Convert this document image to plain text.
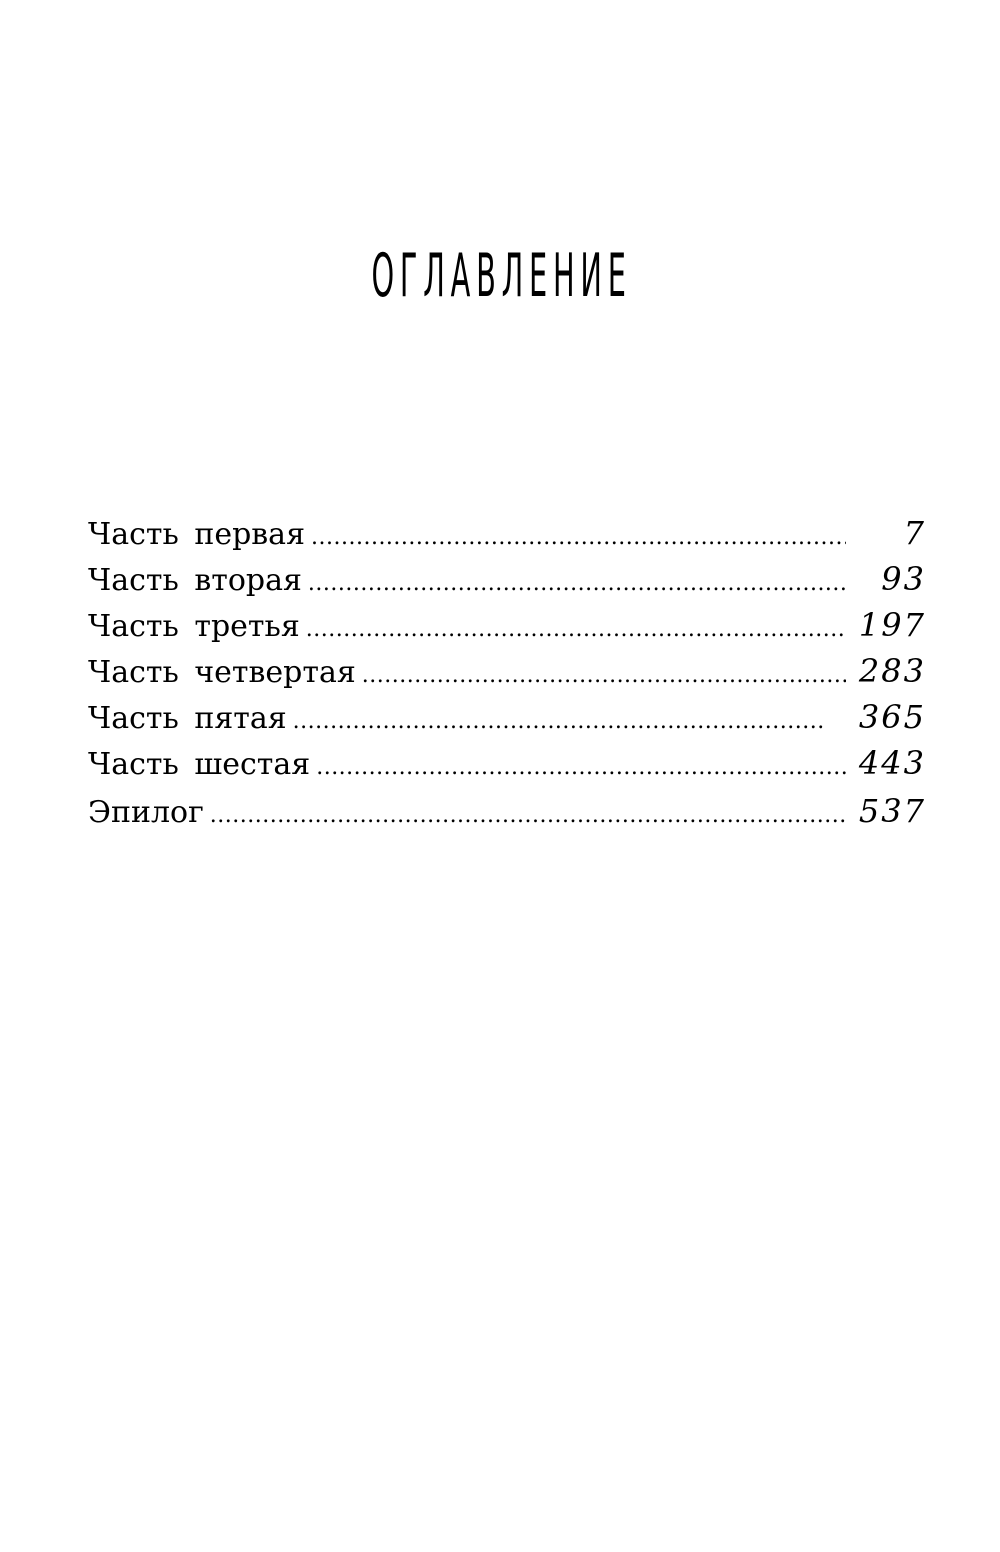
ОГЛАВЛЕНИЕ
Часть первая .....	7
Часть вторая .....	93
Часть третья .....	197
Часть четвертая .....	283
Часть пятая .....	365
Часть шестая .....	443
Эпилог .....	537
